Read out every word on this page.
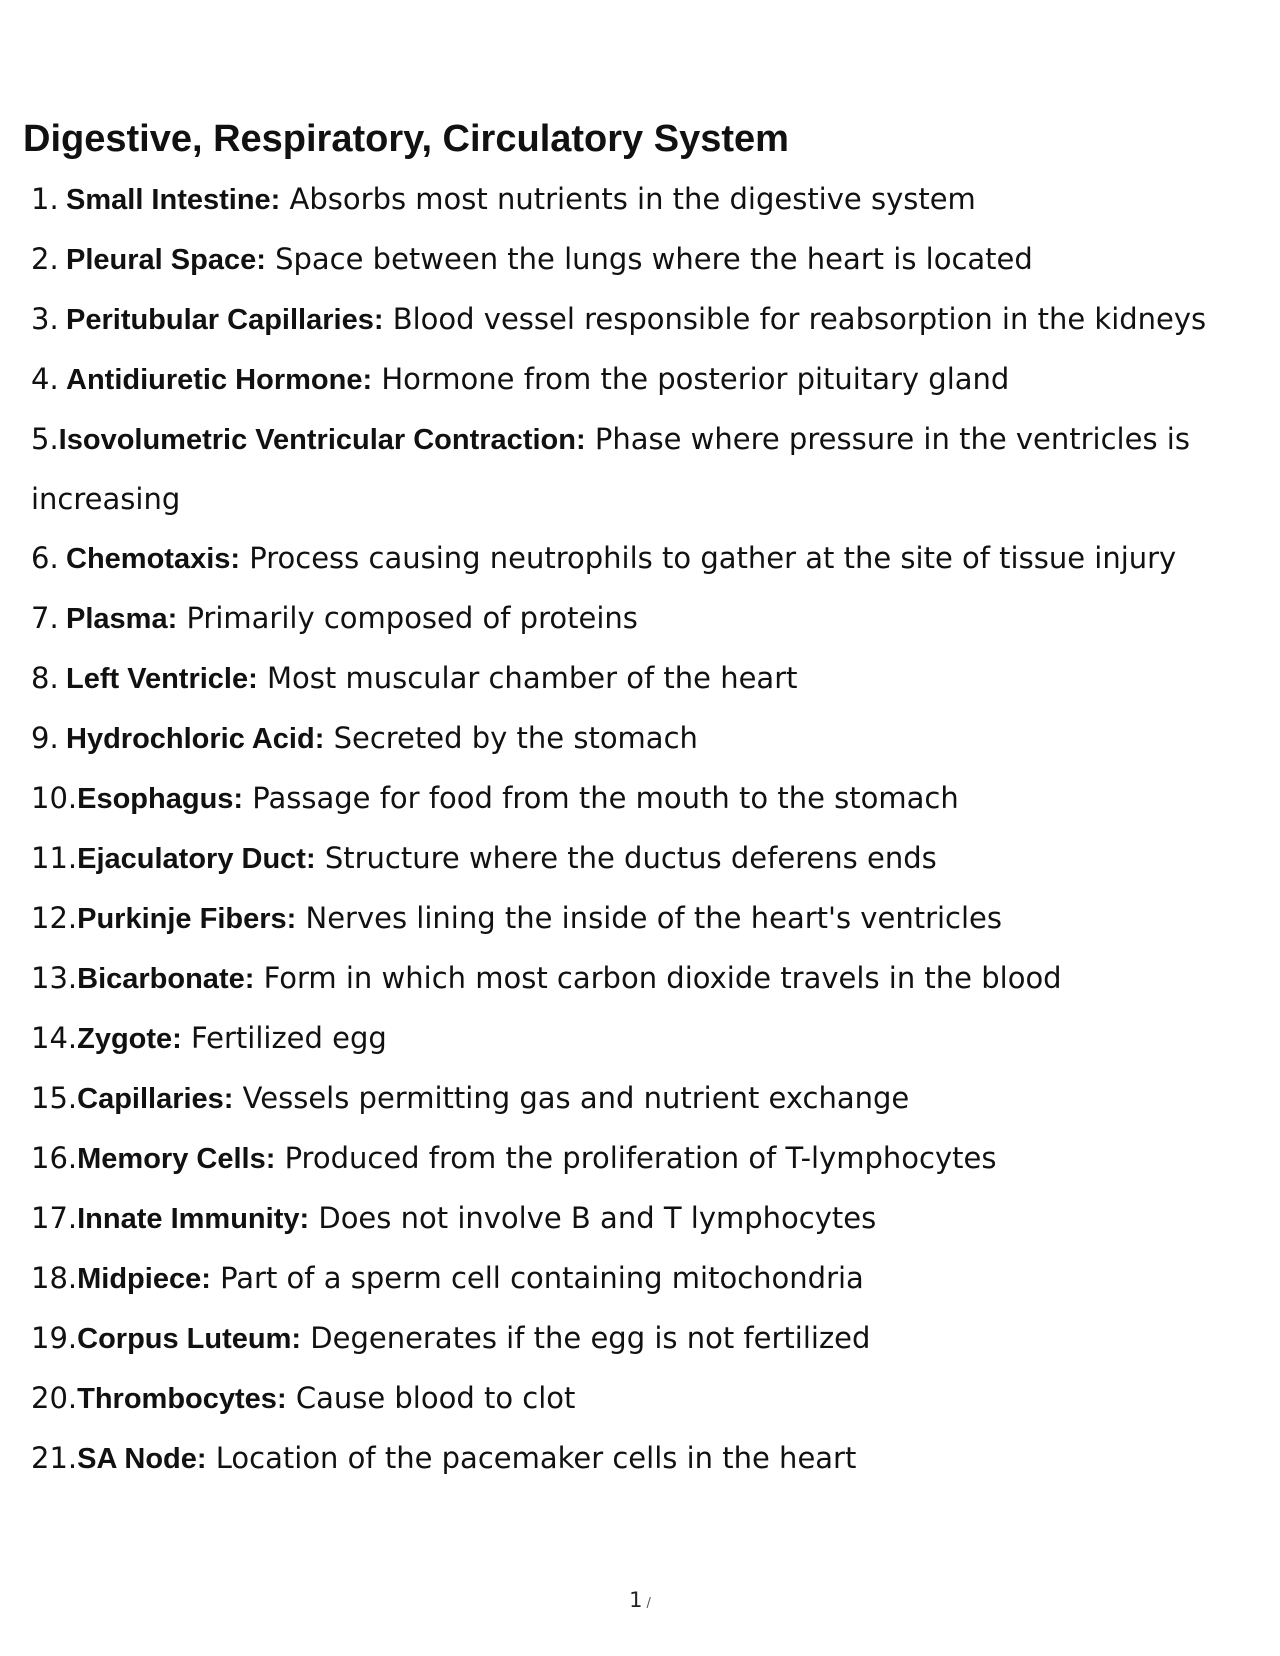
Digestive, Respiratory, Circulatory System
1. Small Intestine: Absorbs most nutrients in the digestive system
2. Pleural Space: Space between the lungs where the heart is located
3. Peritubular Capillaries: Blood vessel responsible for reabsorption in the kidneys
4. Antidiuretic Hormone: Hormone from the posterior pituitary gland
5.Isovolumetric Ventricular Contraction: Phase where pressure in the ventricles is increasing
6. Chemotaxis: Process causing neutrophils to gather at the site of tissue injury
7. Plasma: Primarily composed of proteins
8. Left Ventricle: Most muscular chamber of the heart
9. Hydrochloric Acid: Secreted by the stomach
10. Esophagus: Passage for food from the mouth to the stomach
11. Ejaculatory Duct: Structure where the ductus deferens ends
12. Purkinje Fibers: Nerves lining the inside of the heart's ventricles
13. Bicarbonate: Form in which most carbon dioxide travels in the blood
14. Zygote: Fertilized egg
15. Capillaries: Vessels permitting gas and nutrient exchange
16. Memory Cells: Produced from the proliferation of T-lymphocytes
17. Innate Immunity: Does not involve B and T lymphocytes
18. Midpiece: Part of a sperm cell containing mitochondria
19. Corpus Luteum: Degenerates if the egg is not fertilized
20. Thrombocytes: Cause blood to clot
21. SA Node: Location of the pacemaker cells in the heart
1 /
